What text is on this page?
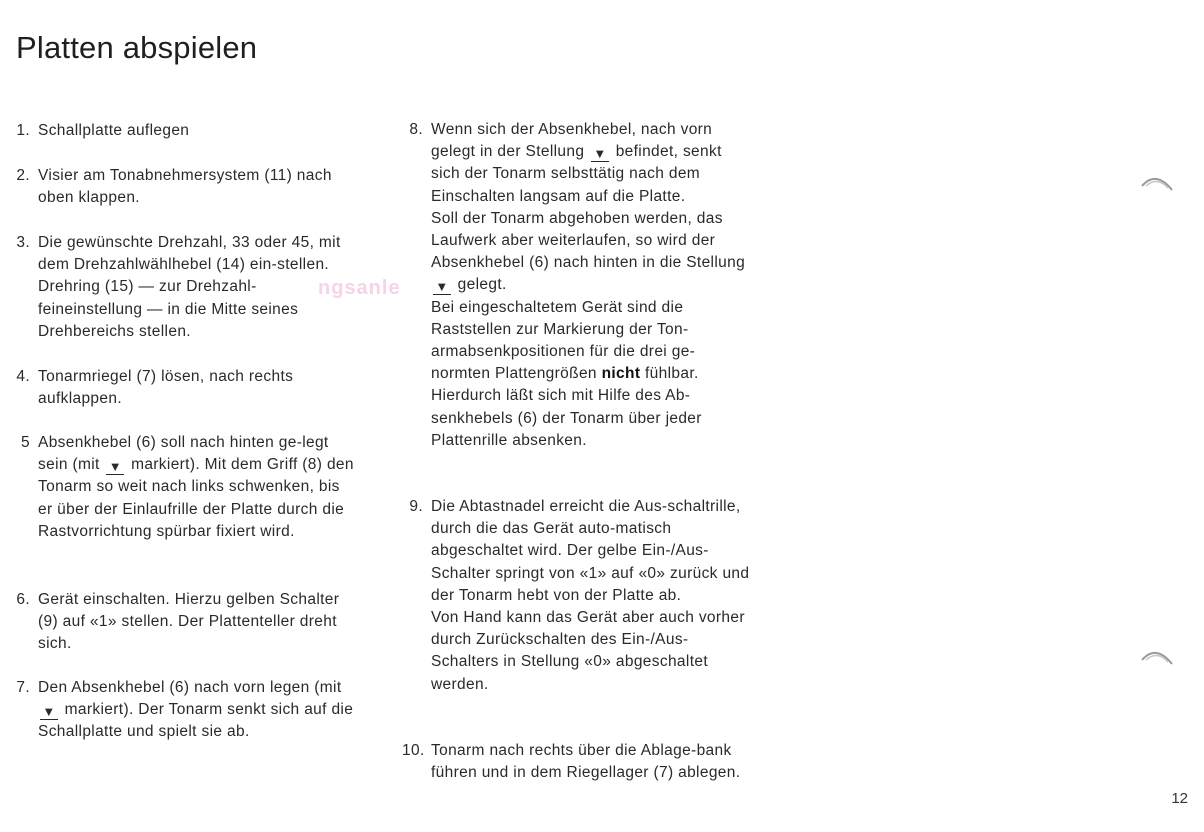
Platten abspielen
ngsanle
1. Schallplatte auflegen
2. Visier am Tonabnehmersystem (11) nach oben klappen.
3. Die gewünschte Drehzahl, 33 oder 45, mit dem Drehzahlwählhebel (14) ein-stellen. Drehring (15) — zur Drehzahl-feineinstellung — in die Mitte seines Drehbereichs stellen.
4. Tonarmriegel (7) lösen, nach rechts aufklappen.
5 Absenkhebel (6) soll nach hinten ge-legt sein (mit ▼ markiert). Mit dem Griff (8) den Tonarm so weit nach links schwenken, bis er über der Einlaufrille der Platte durch die Rastvorrichtung spürbar fixiert wird.
6. Gerät einschalten. Hierzu gelben Schalter (9) auf «1» stellen. Der Plattenteller dreht sich.
7. Den Absenkhebel (6) nach vorn legen (mit ▼ markiert). Der Tonarm senkt sich auf die Schallplatte und spielt sie ab.
8. Wenn sich der Absenkhebel, nach vorn gelegt in der Stellung ▼ befindet, senkt sich der Tonarm selbsttätig nach dem Einschalten langsam auf die Platte.

Soll der Tonarm abgehoben werden, das Laufwerk aber weiterlaufen, so wird der Absenkhebel (6) nach hinten in die Stellung ▼ gelegt.

Bei eingeschaltetem Gerät sind die Raststellen zur Markierung der Ton-armabsenkpositionen für die drei ge-normten Plattengrößen nicht fühlbar. Hierdurch läßt sich mit Hilfe des Ab-senkhebels (6) der Tonarm über jeder Plattenrille absenken.

9. Die Abtastnadel erreicht die Aus-schaltrille, durch die das Gerät auto-matisch abgeschaltet wird. Der gelbe Ein-/Aus-Schalter springt von «1» auf «0» zurück und der Tonarm hebt von der Platte ab.

Von Hand kann das Gerät aber auch vorher durch Zurückschalten des Ein-/Aus-Schalters in Stellung «0» abgeschaltet werden.

10. Tonarm nach rechts über die Ablage-bank führen und in dem Riegellager (7) ablegen.
12
